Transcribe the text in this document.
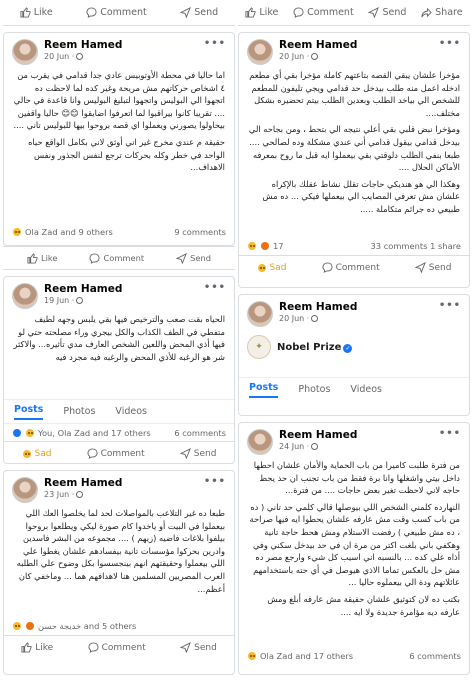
Like	Comment	Send
Reem Hamed
20 Jun ·
•••

اما حاليا في محطة الأوتوبيس عادي جدا قدامي في يقرب من ٤ اشخاص حركاتهم مش مريحة وغير كده لما لاحظت ده اتجهوا الي البوليس واتجهوا لتبليغ البوليس وانا قاعدة في حالي .... تقريبا كانوا بيراقبوا لما اتعرفوا اضايقوا 😊😊 حاليا واقفين بيحاولوا يصورني ويعملوا اي قصه بروحوا بيها للبوليس تاني ....

حقيقة م عندي مخرج غير اني أوثق لاني بكامل الواقع حياه الواحد في خطر وكله بحركات ترجع لنفس الجذور ونفس الاهداف...

Ola Zad and 9 others	9 comments
Like	Comment	Send
Reem Hamed
19 Jun ·
•••

الحياه بقت صعب والترخيص فيها بقي يلبس وجهه لطيف متفطي في الطف الكذاب والكل بيجري وراء مصلحته حتي لو فيها أذي المحض واللعين الشخص العارف مدي تأثيره... والاكثر شر هو الرغبه للأذي المحض والرغبه فيه مجرد فيه

Posts Photos Videos
You, Ola Zad and 17 others	6 comments
Sad	Comment	Send
Reem Hamed
23 Jun ·
•••

طبعا ده غير التلاعب بالمواصلات لحد لما يخلصوا العك اللي بيعملوا في البيت أو ياخدوا كام صورة ليكي ويطلعوا بروحوا بيلفوا بلاغات فاضيه (زيهم ) .... مجموعه من البشر فاسدين وادرين بحركوا مؤسسات تانية بيفسادهم علشان يغطوا علي اللي بيعملوا وحقيقتهم انهم بينجسسوا بكل وضوح علي الطلبه العرب المصريين المسلمين هنا لاهدافهم هما ... وماخفي كان أعظم...

خديجة حسن and 5 others
Like	Comment	Send
Like	Comment	Send	Share
Reem Hamed
20 Jun ·
•••

مؤخرا علشان يبقي القصه بتاعتهم كاملة مؤخرا بقي أي مطعم ادخله اعمل منه طلب بيدخل حد قدامي ويجي تليفون للمطعم للشخص الي بياخد الطلب وبعدين الطلب بيتم تحضيره بشكل مختلف....

ومؤخرا نبض قلبي بقي أعلي نتيجه الي بتحط ، ومن بجاحه الي بيدخل قدامي بيقول قدامي أني عندي مشكلة وده لصالحي .... طبعا بنفي الطلب دلوقتي بقي بيعملوا ايه قبل ما روح بمعرفه الأماكن الحلال ....

وهكذا الي هو هنديكي حاجات تقلل نشاط عقلك بالإكراه علشان مش تعرفي المصايب الي بيعملها فيكي ... ده مش طبيعي ده جرائم متكاملة .....

17	33 comments 1 share
Sad	Comment	Send
Reem Hamed
20 Jun ·
•••
✦	Nobel Prize ✓
Posts Photos Videos
Reem Hamed
24 Jun ·
•••

من فترة طلبت كاميرا من باب الحماية والأمان علشان احطها داخل بيتي واشغلها وانا برة فقط من باب تجنب ان حد يحط حاجه لاني لاحظت تغير بعض حاجات .... من فترة...

النهارده كلمني الشخص اللي بيوصلها قالي كلمي حد تاني ( ده من باب كسب وقت مش عارفه علشان يحطوا ايه فيها صراحة ، ده مش طبيعي ) رفضت الاستلام ومش هحط حاجة تانية وهكفي باني بلغت اكتر من مرة ان في حد بيدخل سكني وفي أذاه علي كده ... بالنسبه اني اسيب كل شيء وارجع مصر ده مش حل بالعكس تماما الاذي هيوصل في أي حته باستخدامهم عائلاتهم ودة الي بيعملوه حاليا ...

بكتب ده لان كتوثيق علشان حقيقة مش عارفه أبلغ ومش عارفه ديه مؤامرة جديدة ولا ايه ....

Ola Zad and 17 others	6 comments
